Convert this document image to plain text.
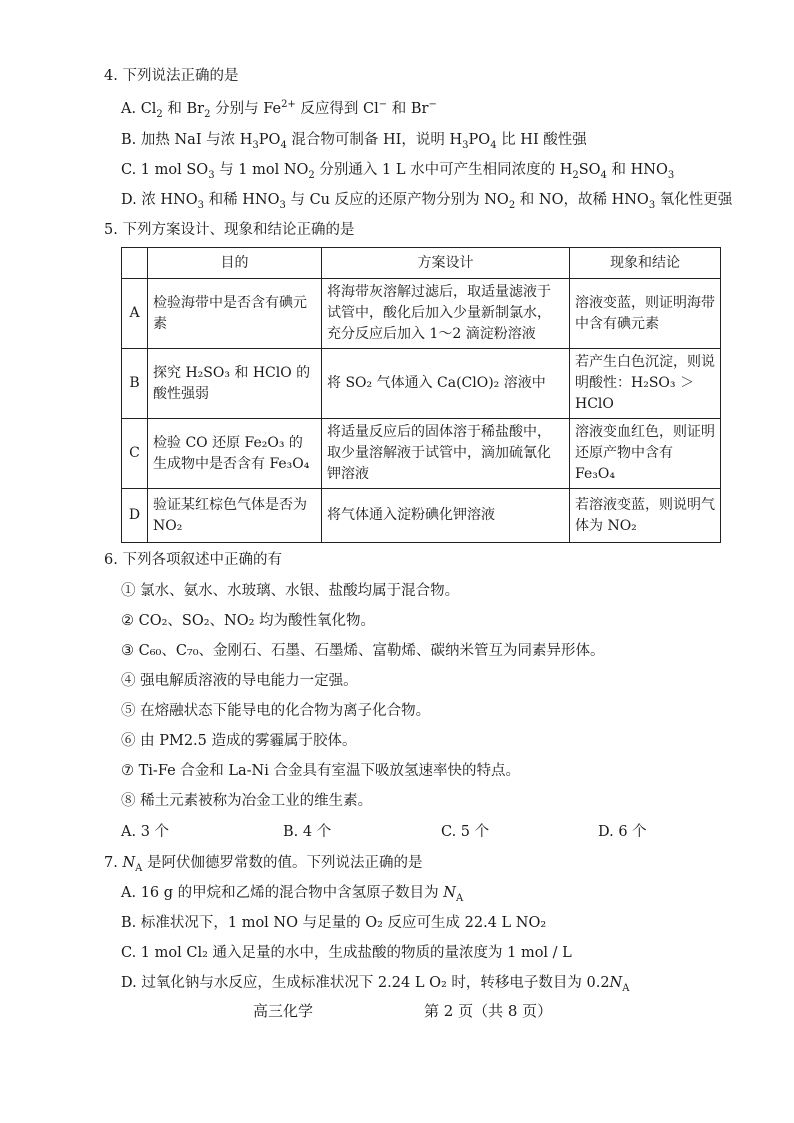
4. 下列说法正确的是
A. $Cl_2$ 和 $Br_2$ 分别与 $Fe^{2+}$ 反应得到 Cl− 和 Br−
B. 加热 NaI 与浓 $H_3PO_4$ 混合物可制备 HI，说明 $H_3PO_4$ 比 HI 酸性强
C. 1 mol $SO_3$ 与 1 mol $NO_2$ 分别通入 1 L 水中可产生相同浓度的 $H_2SO_4$ 和 $HNO_3$
D. 浓 $HNO_3$ 和稀 $HNO_3$ 与 Cu 反应的还原产物分别为 $NO_2$ 和 NO，故稀 $HNO_3$ 氧化性更强
5. 下列方案设计、现象和结论正确的是
	目的	方案设计	现象和结论
A	检验海带中是否含有碘元素	将海带灰溶解过滤后，取适量滤液于试管中，酸化后加入少量新制氯水，充分反应后加入 1～2 滴淀粉溶液	溶液变蓝，则证明海带中含有碘元素
B	探究 H₂SO₃ 和 HClO 的酸性强弱	将 SO₂ 气体通入 Ca(ClO)₂ 溶液中	若产生白色沉淀，则说明酸性：H₂SO₃ ＞ HClO
C	检验 CO 还原 Fe₂O₃ 的生成物中是否含有 Fe₃O₄	将适量反应后的固体溶于稀盐酸中，取少量溶解液于试管中，滴加硫氰化钾溶液	溶液变血红色，则证明还原产物中含有 Fe₃O₄
D	验证某红棕色气体是否为 NO₂	将气体通入淀粉碘化钾溶液	若溶液变蓝，则说明气体为 NO₂
6. 下列各项叙述中正确的有
① 氯水、氨水、水玻璃、水银、盐酸均属于混合物。
② CO₂、SO₂、NO₂ 均为酸性氧化物。
③ C₆₀、C₇₀、金刚石、石墨、石墨烯、富勒烯、碳纳米管互为同素异形体。
④ 强电解质溶液的导电能力一定强。
⑤ 在熔融状态下能导电的化合物为离子化合物。
⑥ 由 PM2.5 造成的雾霾属于胶体。
⑦ Ti-Fe 合金和 La-Ni 合金具有室温下吸放氢速率快的特点。
⑧ 稀土元素被称为冶金工业的维生素。
A. 3 个	B. 4 个	C. 5 个	D. 6 个
7. $N_A$ 是阿伏伽德罗常数的值。下列说法正确的是
A. 16 g 的甲烷和乙烯的混合物中含氢原子数目为 $N_A$
B. 标准状况下，1 mol NO 与足量的 O₂ 反应可生成 22.4 L NO₂
C. 1 mol Cl₂ 通入足量的水中，生成盐酸的物质的量浓度为 1 mol / L
D. 过氧化钠与水反应，生成标准状况下 2.24 L O₂ 时，转移电子数目为 $0.2N_A$
高三化学	第 2 页（共 8 页）
